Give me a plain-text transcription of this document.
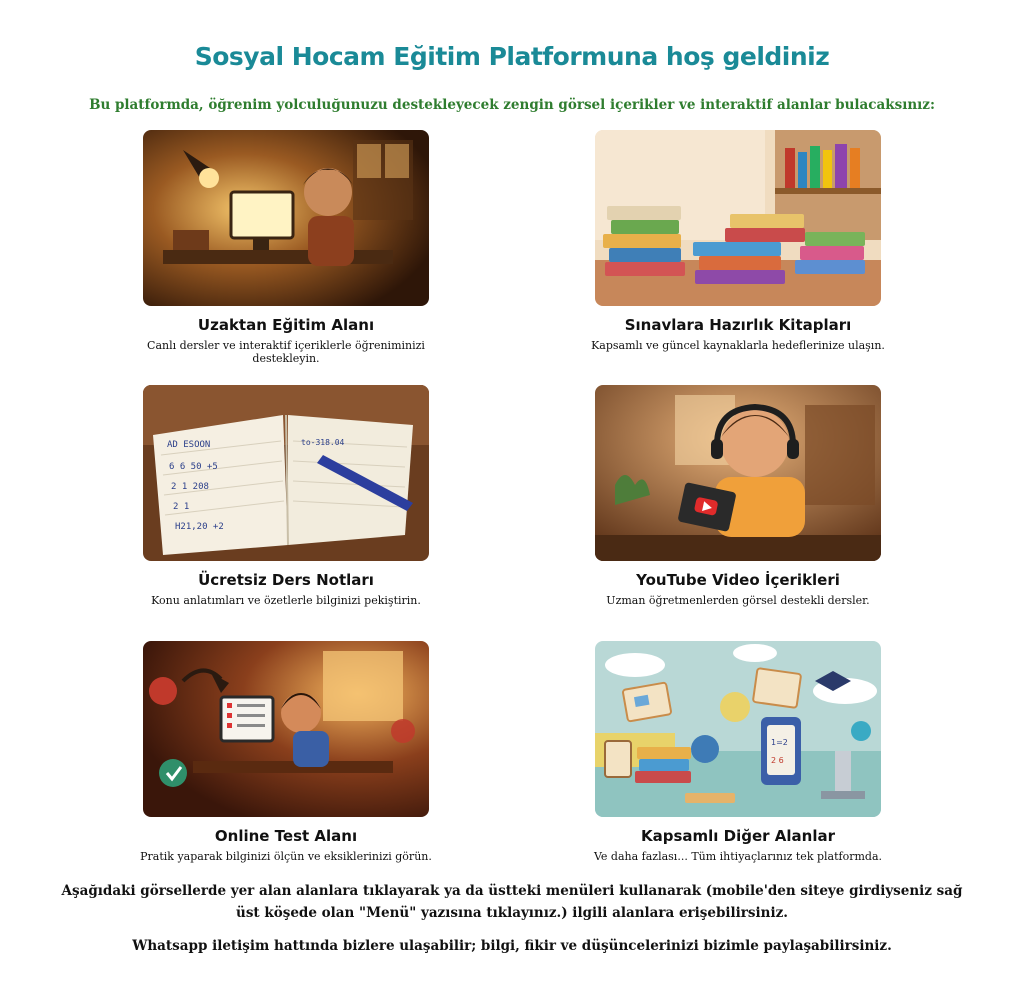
Sosyal Hocam Eğitim Platformuna hoş geldiniz
Bu platformda, öğrenim yolculuğunuzu destekleyecek zengin görsel içerikler ve interaktif alanlar bulacaksınız:
Uzaktan Eğitim Alanı
Canlı dersler ve interaktif içeriklerle öğreniminizi destekleyin.
Sınavlara Hazırlık Kitapları
Kapsamlı ve güncel kaynaklarla hedeflerinize ulaşın.
AD ESOON
6 6 50 +5
2 1 208
2 1
H21,20 +2
to-318.04
Ücretsiz Ders Notları
Konu anlatımları ve özetlerle bilginizi pekiştirin.
YouTube Video İçerikleri
Uzman öğretmenlerden görsel destekli dersler.
Online Test Alanı
Pratik yaparak bilginizi ölçün ve eksiklerinizi görün.
1=2
2 6
Kapsamlı Diğer Alanlar
Ve daha fazlası... Tüm ihtiyaçlarınız tek platformda.
Aşağıdaki görsellerde yer alan alanlara tıklayarak ya da üstteki menüleri kullanarak (mobile'den siteye girdiyseniz sağ üst köşede olan "Menü" yazısına tıklayınız.) ilgili alanlara erişebilirsiniz.
Whatsapp iletişim hattında bizlere ulaşabilir; bilgi, fikir ve düşüncelerinizi bizimle paylaşabilirsiniz.
